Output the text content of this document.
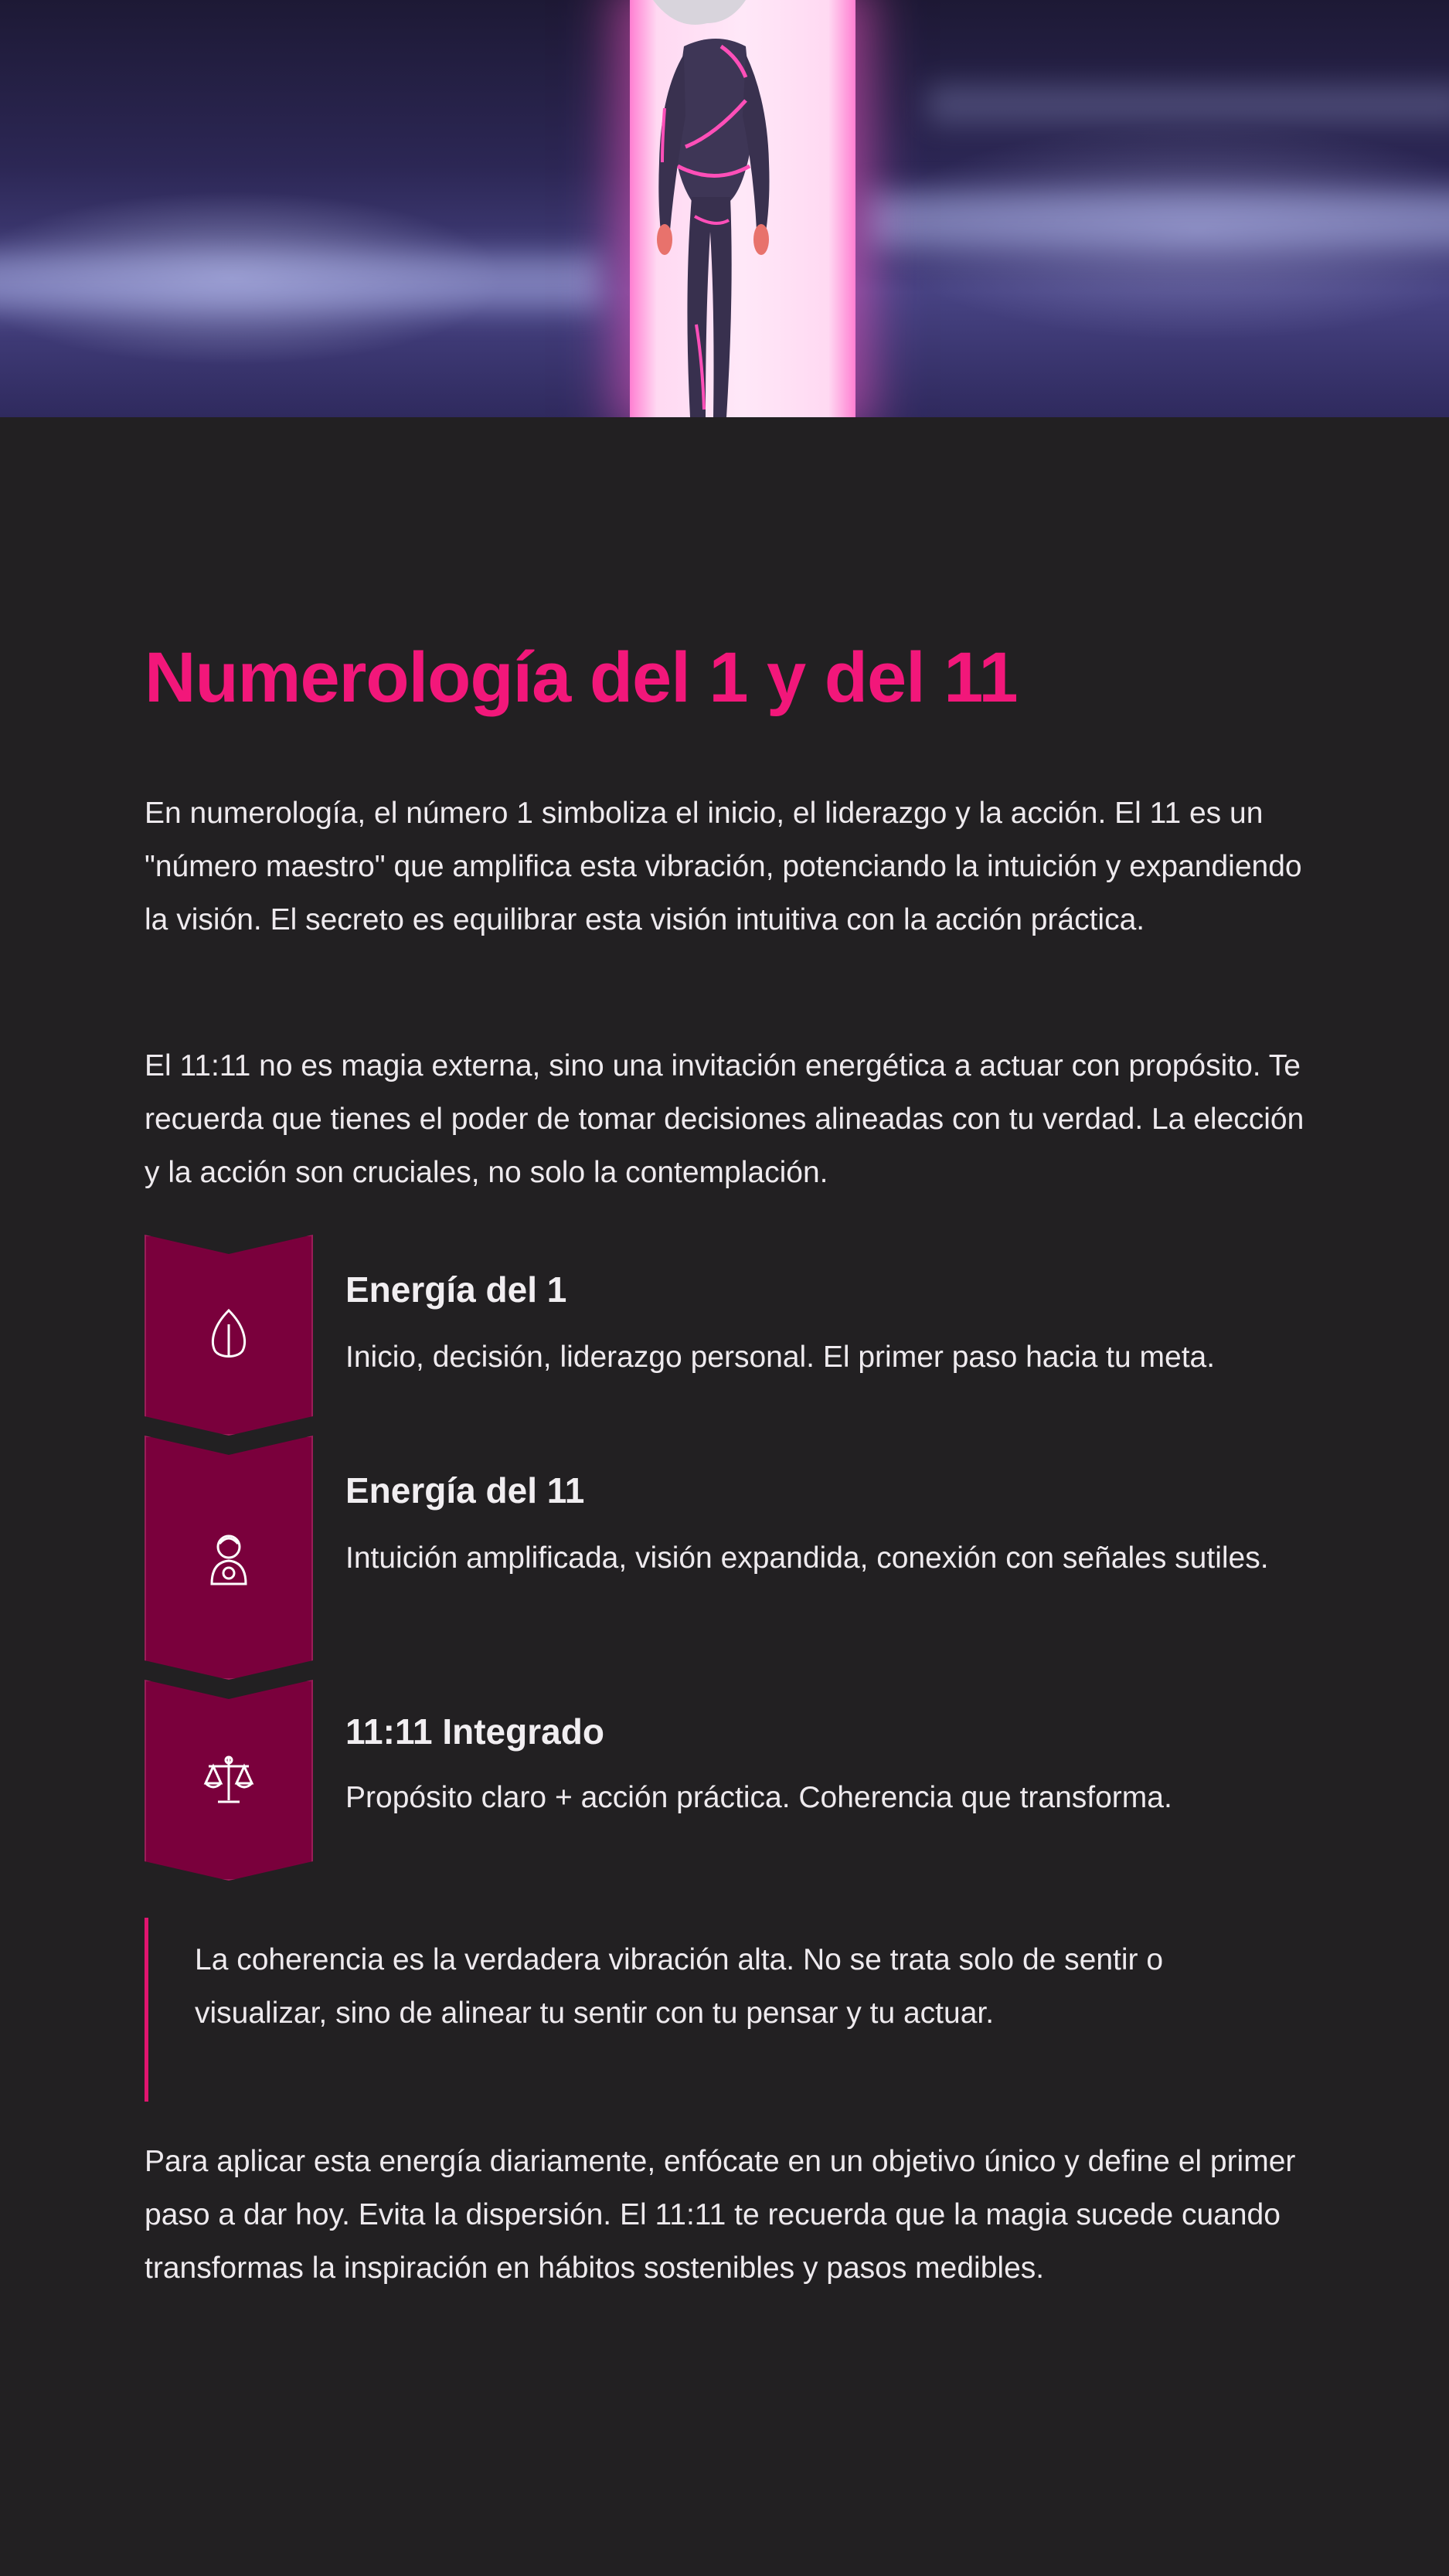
Numerología del 1 y del 11

En numerología, el número 1 simboliza el inicio, el liderazgo y la acción. El 11 es un "número maestro" que amplifica esta vibración, potenciando la intuición y expandiendo la visión. El secreto es equilibrar esta visión intuitiva con la acción práctica.

El 11:11 no es magia externa, sino una invitación energética a actuar con propósito. Te recuerda que tienes el poder de tomar decisiones alineadas con tu verdad. La elección y la acción son cruciales, no solo la contemplación.

Energía del 1

Inicio, decisión, liderazgo personal. El primer paso hacia tu meta.

Energía del 11

Intuición amplificada, visión expandida, conexión con señales sutiles.

11:11 Integrado

Propósito claro + acción práctica. Coherencia que transforma.

La coherencia es la verdadera vibración alta. No se trata solo de sentir o visualizar, sino de alinear tu sentir con tu pensar y tu actuar.

Para aplicar esta energía diariamente, enfócate en un objetivo único y define el primer paso a dar hoy. Evita la dispersión. El 11:11 te recuerda que la magia sucede cuando transformas la inspiración en hábitos sostenibles y pasos medibles.
